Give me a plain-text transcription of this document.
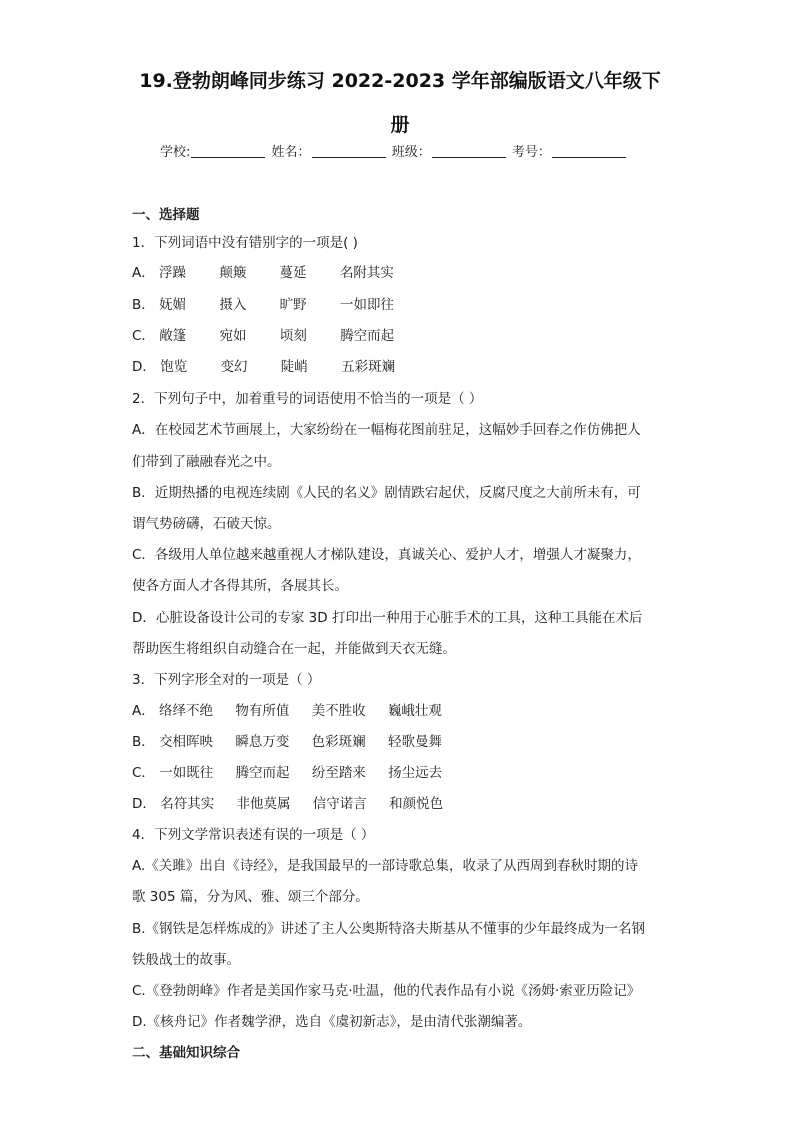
19.登勃朗峰同步练习 2022-2023 学年部编版语文八年级下
册
学校:	姓名：	班级：	考号：
一、选择题
1．下列词语中没有错别字的一项是( )
A． 浮躁 颠簸 蔓延 名附其实
B． 妩媚 摄入 旷野 一如即往
C． 敞篷 宛如 顷刻 腾空而起
D． 饱览 变幻 陡峭 五彩斑斓
2．下列句子中，加着重号的词语使用不恰当的一项是（ ）
A．在校园艺术节画展上，大家纷纷在一幅梅花图前驻足，这幅妙手回春之作仿佛把人
们带到了融融春光之中。
B．近期热播的电视连续剧《人民的名义》剧情跌宕起伏，反腐尺度之大前所未有，可
谓气势磅礴，石破天惊。
C．各级用人单位越来越重视人才梯队建设，真诚关心、爱护人才，增强人才凝聚力，
使各方面人才各得其所，各展其长。
D．心脏设备设计公司的专家 3D 打印出一种用于心脏手术的工具，这种工具能在术后
帮助医生将组织自动缝合在一起，并能做到天衣无缝。
3．下列字形全对的一项是（ ）
A． 络绎不绝 物有所值 美不胜收 巍峨壮观
B． 交相晖映 瞬息万变 色彩斑斓 轻歌曼舞
C． 一如既往 腾空而起 纷至踏来 扬尘远去
D． 名符其实 非他莫属 信守诺言 和颜悦色
4．下列文学常识表述有误的一项是（ ）
A.《关雎》出自《诗经》，是我国最早的一部诗歌总集，收录了从西周到春秋时期的诗
歌 305 篇，分为风、雅、颂三个部分。
B.《钢铁是怎样炼成的》讲述了主人公奥斯特洛夫斯基从不懂事的少年最终成为一名钢
铁般战士的故事。
C.《登勃朗峰》作者是美国作家马克·吐温，他的代表作品有小说《汤姆·索亚历险记》
D.《核舟记》作者魏学洢，选自《虞初新志》，是由清代张潮编著。
二、基础知识综合
